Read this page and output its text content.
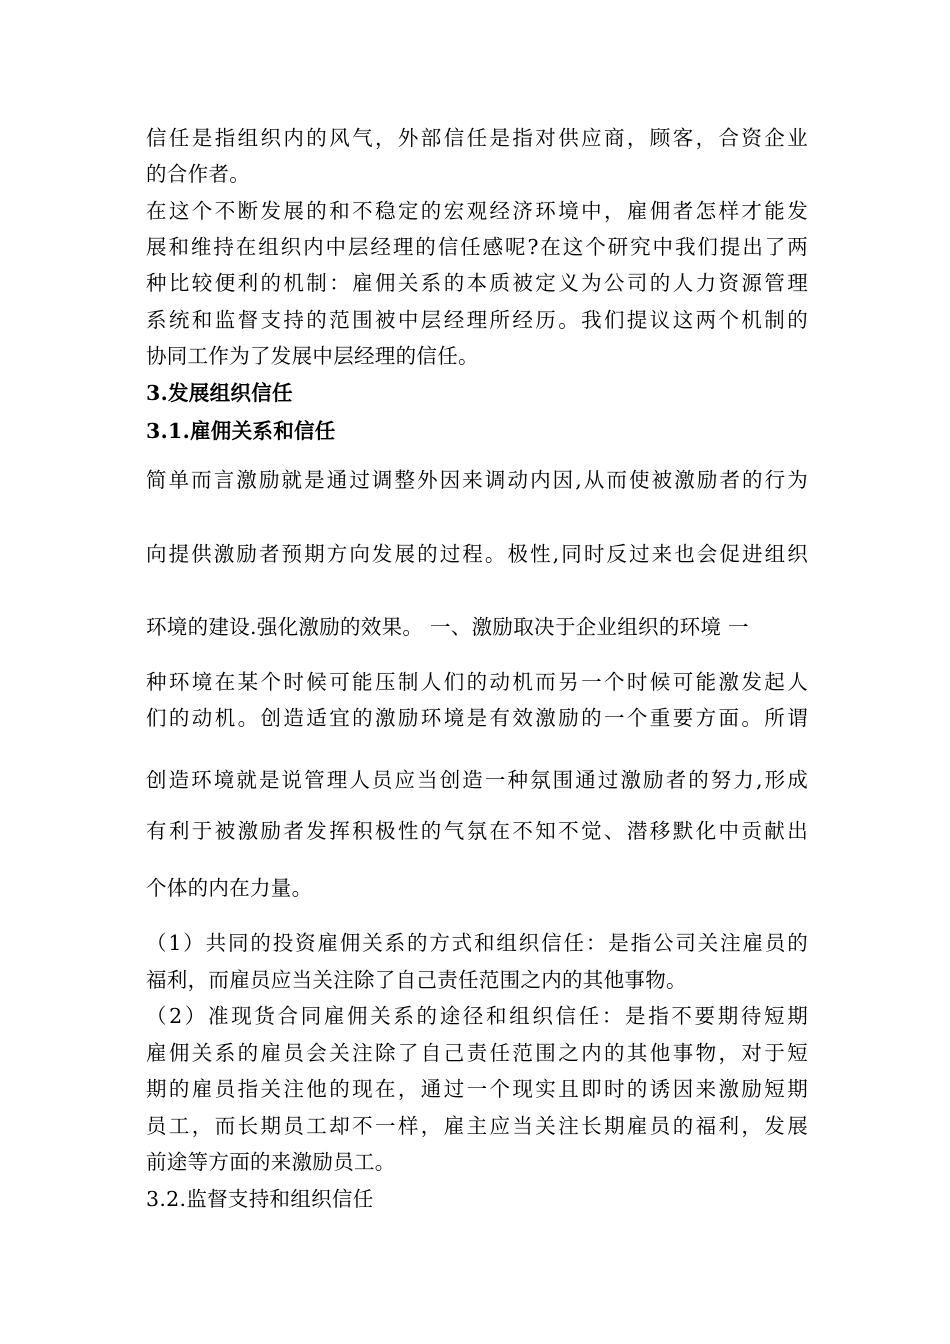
信任是指组织内的风气，外部信任是指对供应商，顾客，合资企业
的合作者。
在这个不断发展的和不稳定的宏观经济环境中，雇佣者怎样才能发
展和维持在组织内中层经理的信任感呢?在这个研究中我们提出了两
种比较便利的机制：雇佣关系的本质被定义为公司的人力资源管理
系统和监督支持的范围被中层经理所经历。我们提议这两个机制的
协同工作为了发展中层经理的信任。
3.发展组织信任
3.1.雇佣关系和信任
简单而言激励就是通过调整外因来调动内因,从而使被激励者的行为
向提供激励者预期方向发展的过程。极性,同时反过来也会促进组织
环境的建设.强化激励的效果。 一、激励取决于企业组织的环境 一
种环境在某个时候可能压制人们的动机而另一个时候可能激发起人
们的动机。创造适宜的激励环境是有效激励的一个重要方面。所谓
创造环境就是说管理人员应当创造一种氛围通过激励者的努力,形成
有利于被激励者发挥积极性的气氛在不知不觉、潜移默化中贡献出
个体的内在力量。
（1）共同的投资雇佣关系的方式和组织信任：是指公司关注雇员的
福利，而雇员应当关注除了自己责任范围之内的其他事物。
（2）准现货合同雇佣关系的途径和组织信任：是指不要期待短期
雇佣关系的雇员会关注除了自己责任范围之内的其他事物，对于短
期的雇员指关注他的现在，通过一个现实且即时的诱因来激励短期
员工，而长期员工却不一样，雇主应当关注长期雇员的福利，发展
前途等方面的来激励员工。
3.2.监督支持和组织信任
